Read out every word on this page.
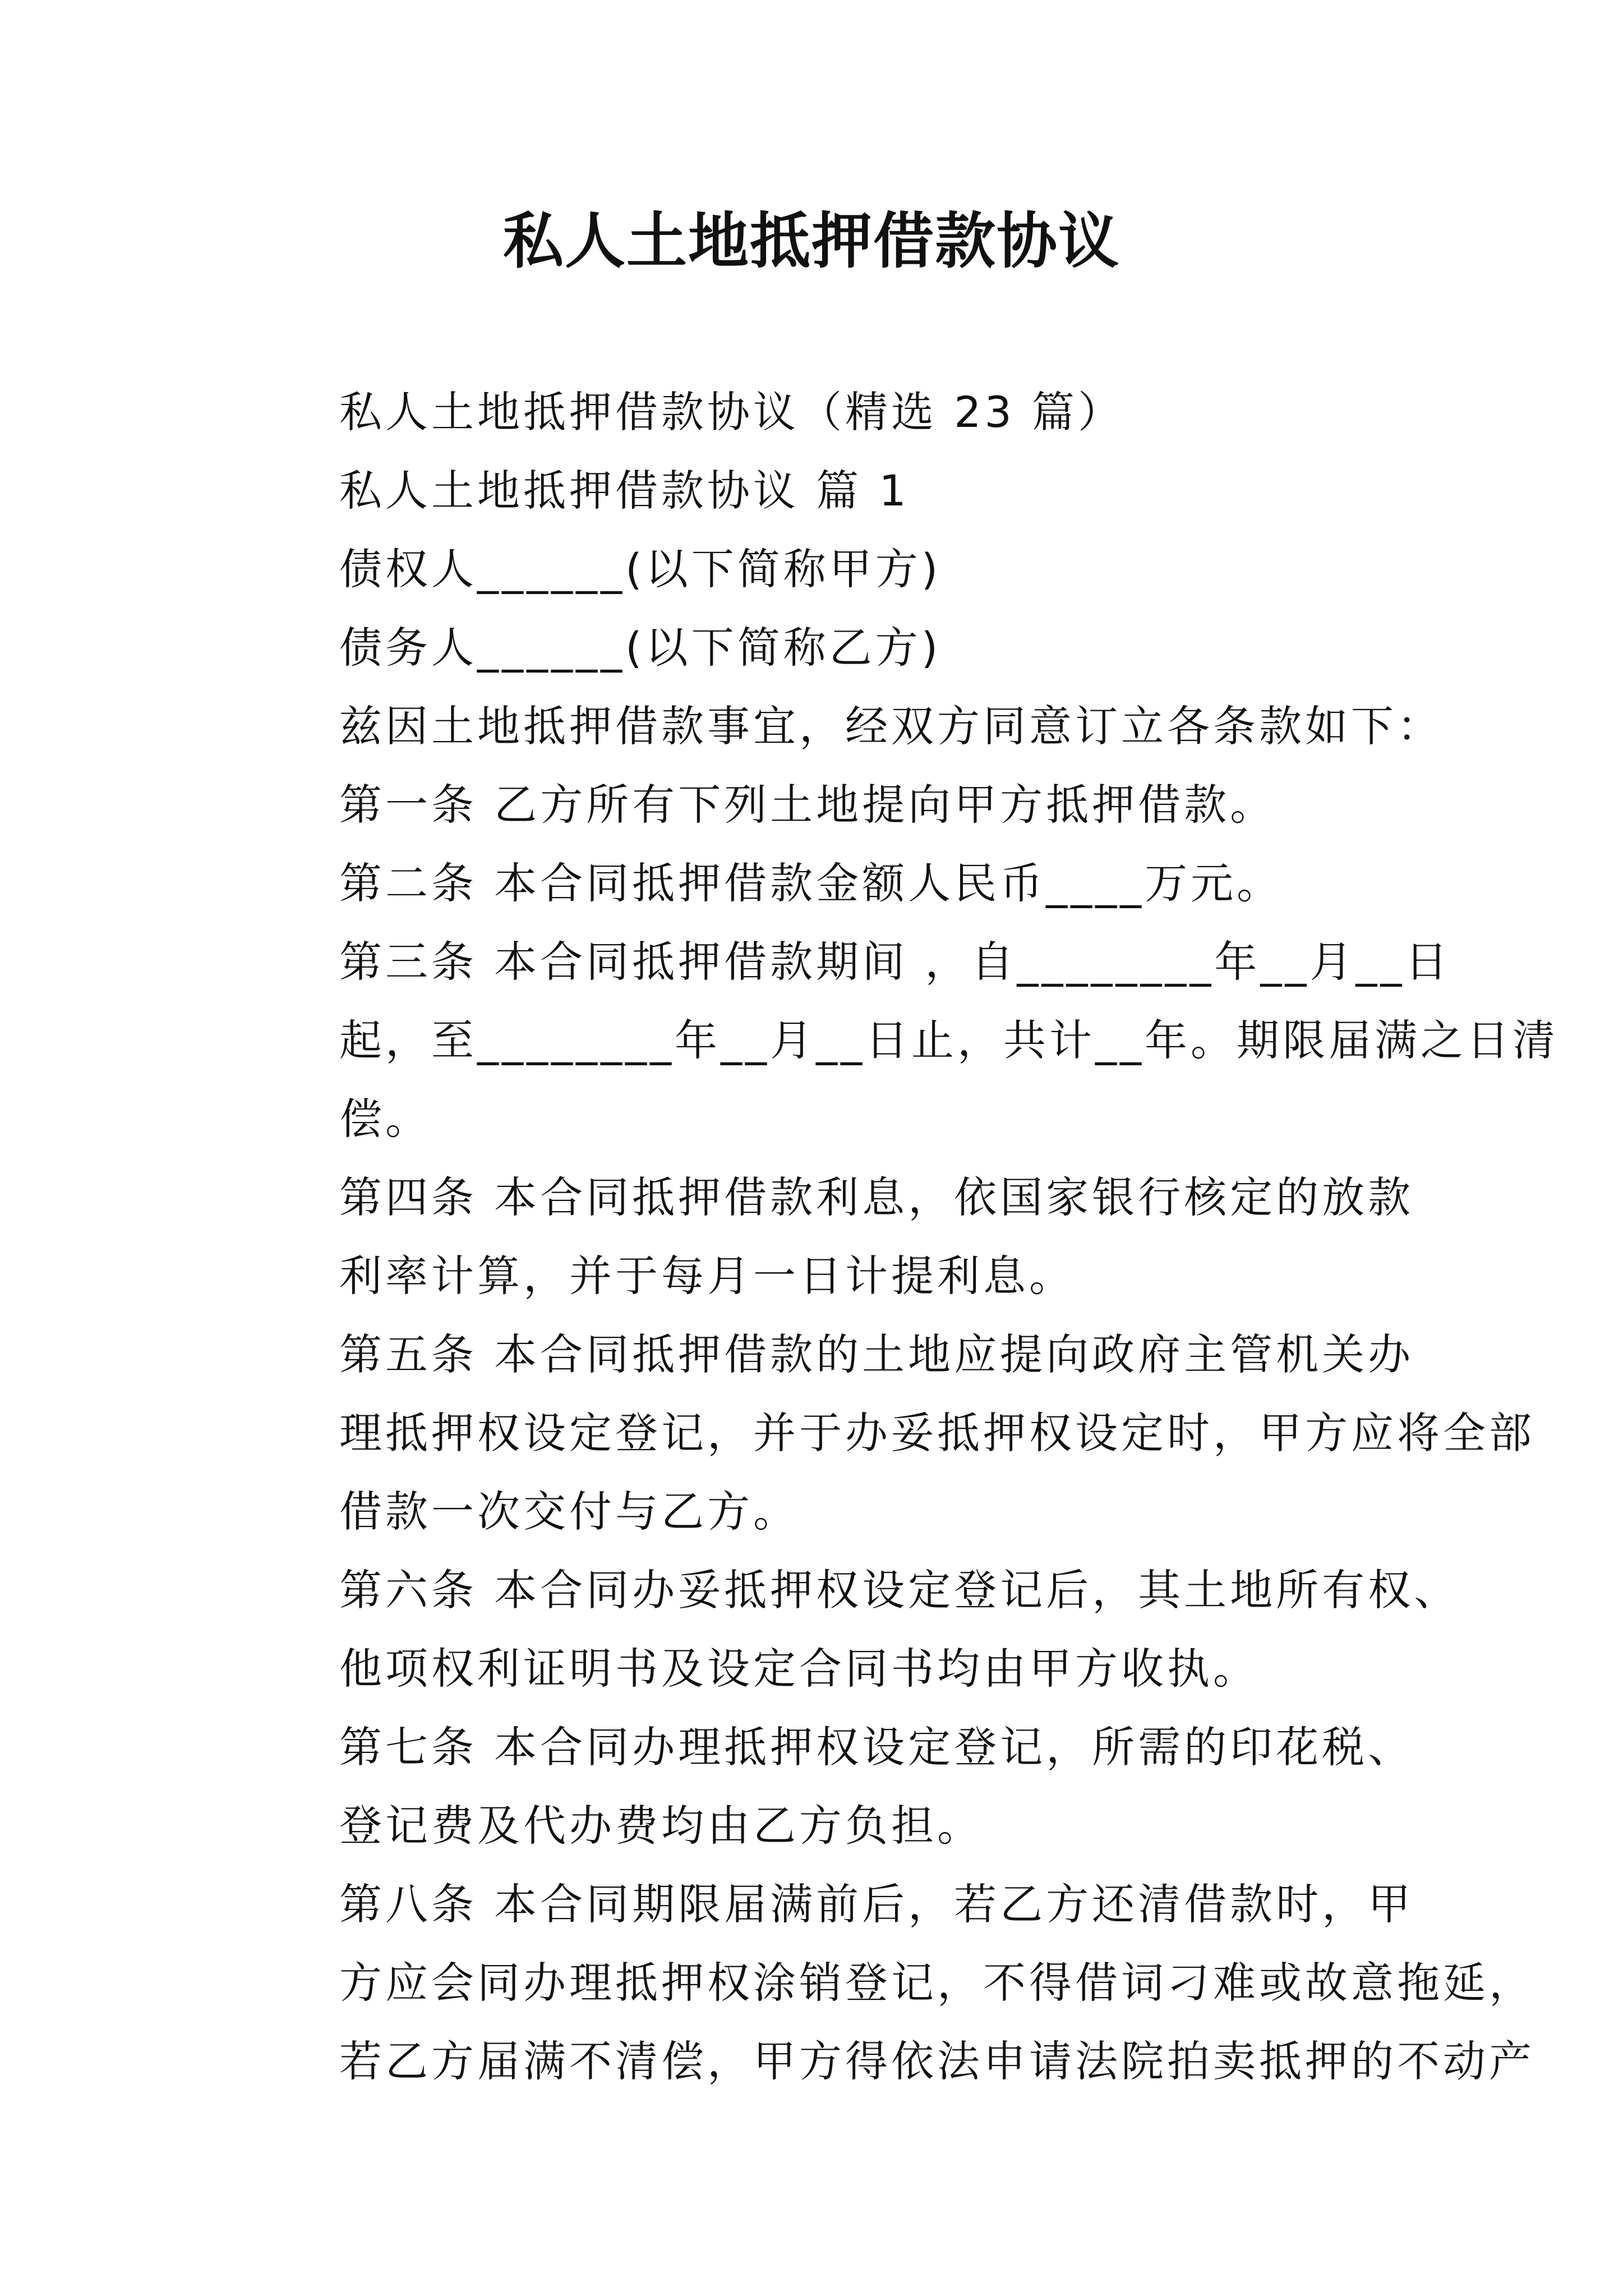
私人土地抵押借款协议

私人土地抵押借款协议（精选 23 篇）

私人土地抵押借款协议 篇 1

债权人______(以下简称甲方)

债务人______(以下简称乙方)

兹因土地抵押借款事宜，经双方同意订立各条款如下：

第一条 乙方所有下列土地提向甲方抵押借款。

第二条 本合同抵押借款金额人民币____万元。

第三条 本合同抵押借款期间 ，自________年__月__日
起，至________年__月__日止，共计__年。期限届满之日清
偿。

第四条 本合同抵押借款利息，依国家银行核定的放款
利率计算，并于每月一日计提利息。

第五条 本合同抵押借款的土地应提向政府主管机关办
理抵押权设定登记，并于办妥抵押权设定时，甲方应将全部
借款一次交付与乙方。

第六条 本合同办妥抵押权设定登记后，其土地所有权、
他项权利证明书及设定合同书均由甲方收执。

第七条 本合同办理抵押权设定登记，所需的印花税、
登记费及代办费均由乙方负担。

第八条 本合同期限届满前后，若乙方还清借款时，甲
方应会同办理抵押权涂销登记，不得借词刁难或故意拖延，
若乙方届满不清偿，甲方得依法申请法院拍卖抵押的不动产
